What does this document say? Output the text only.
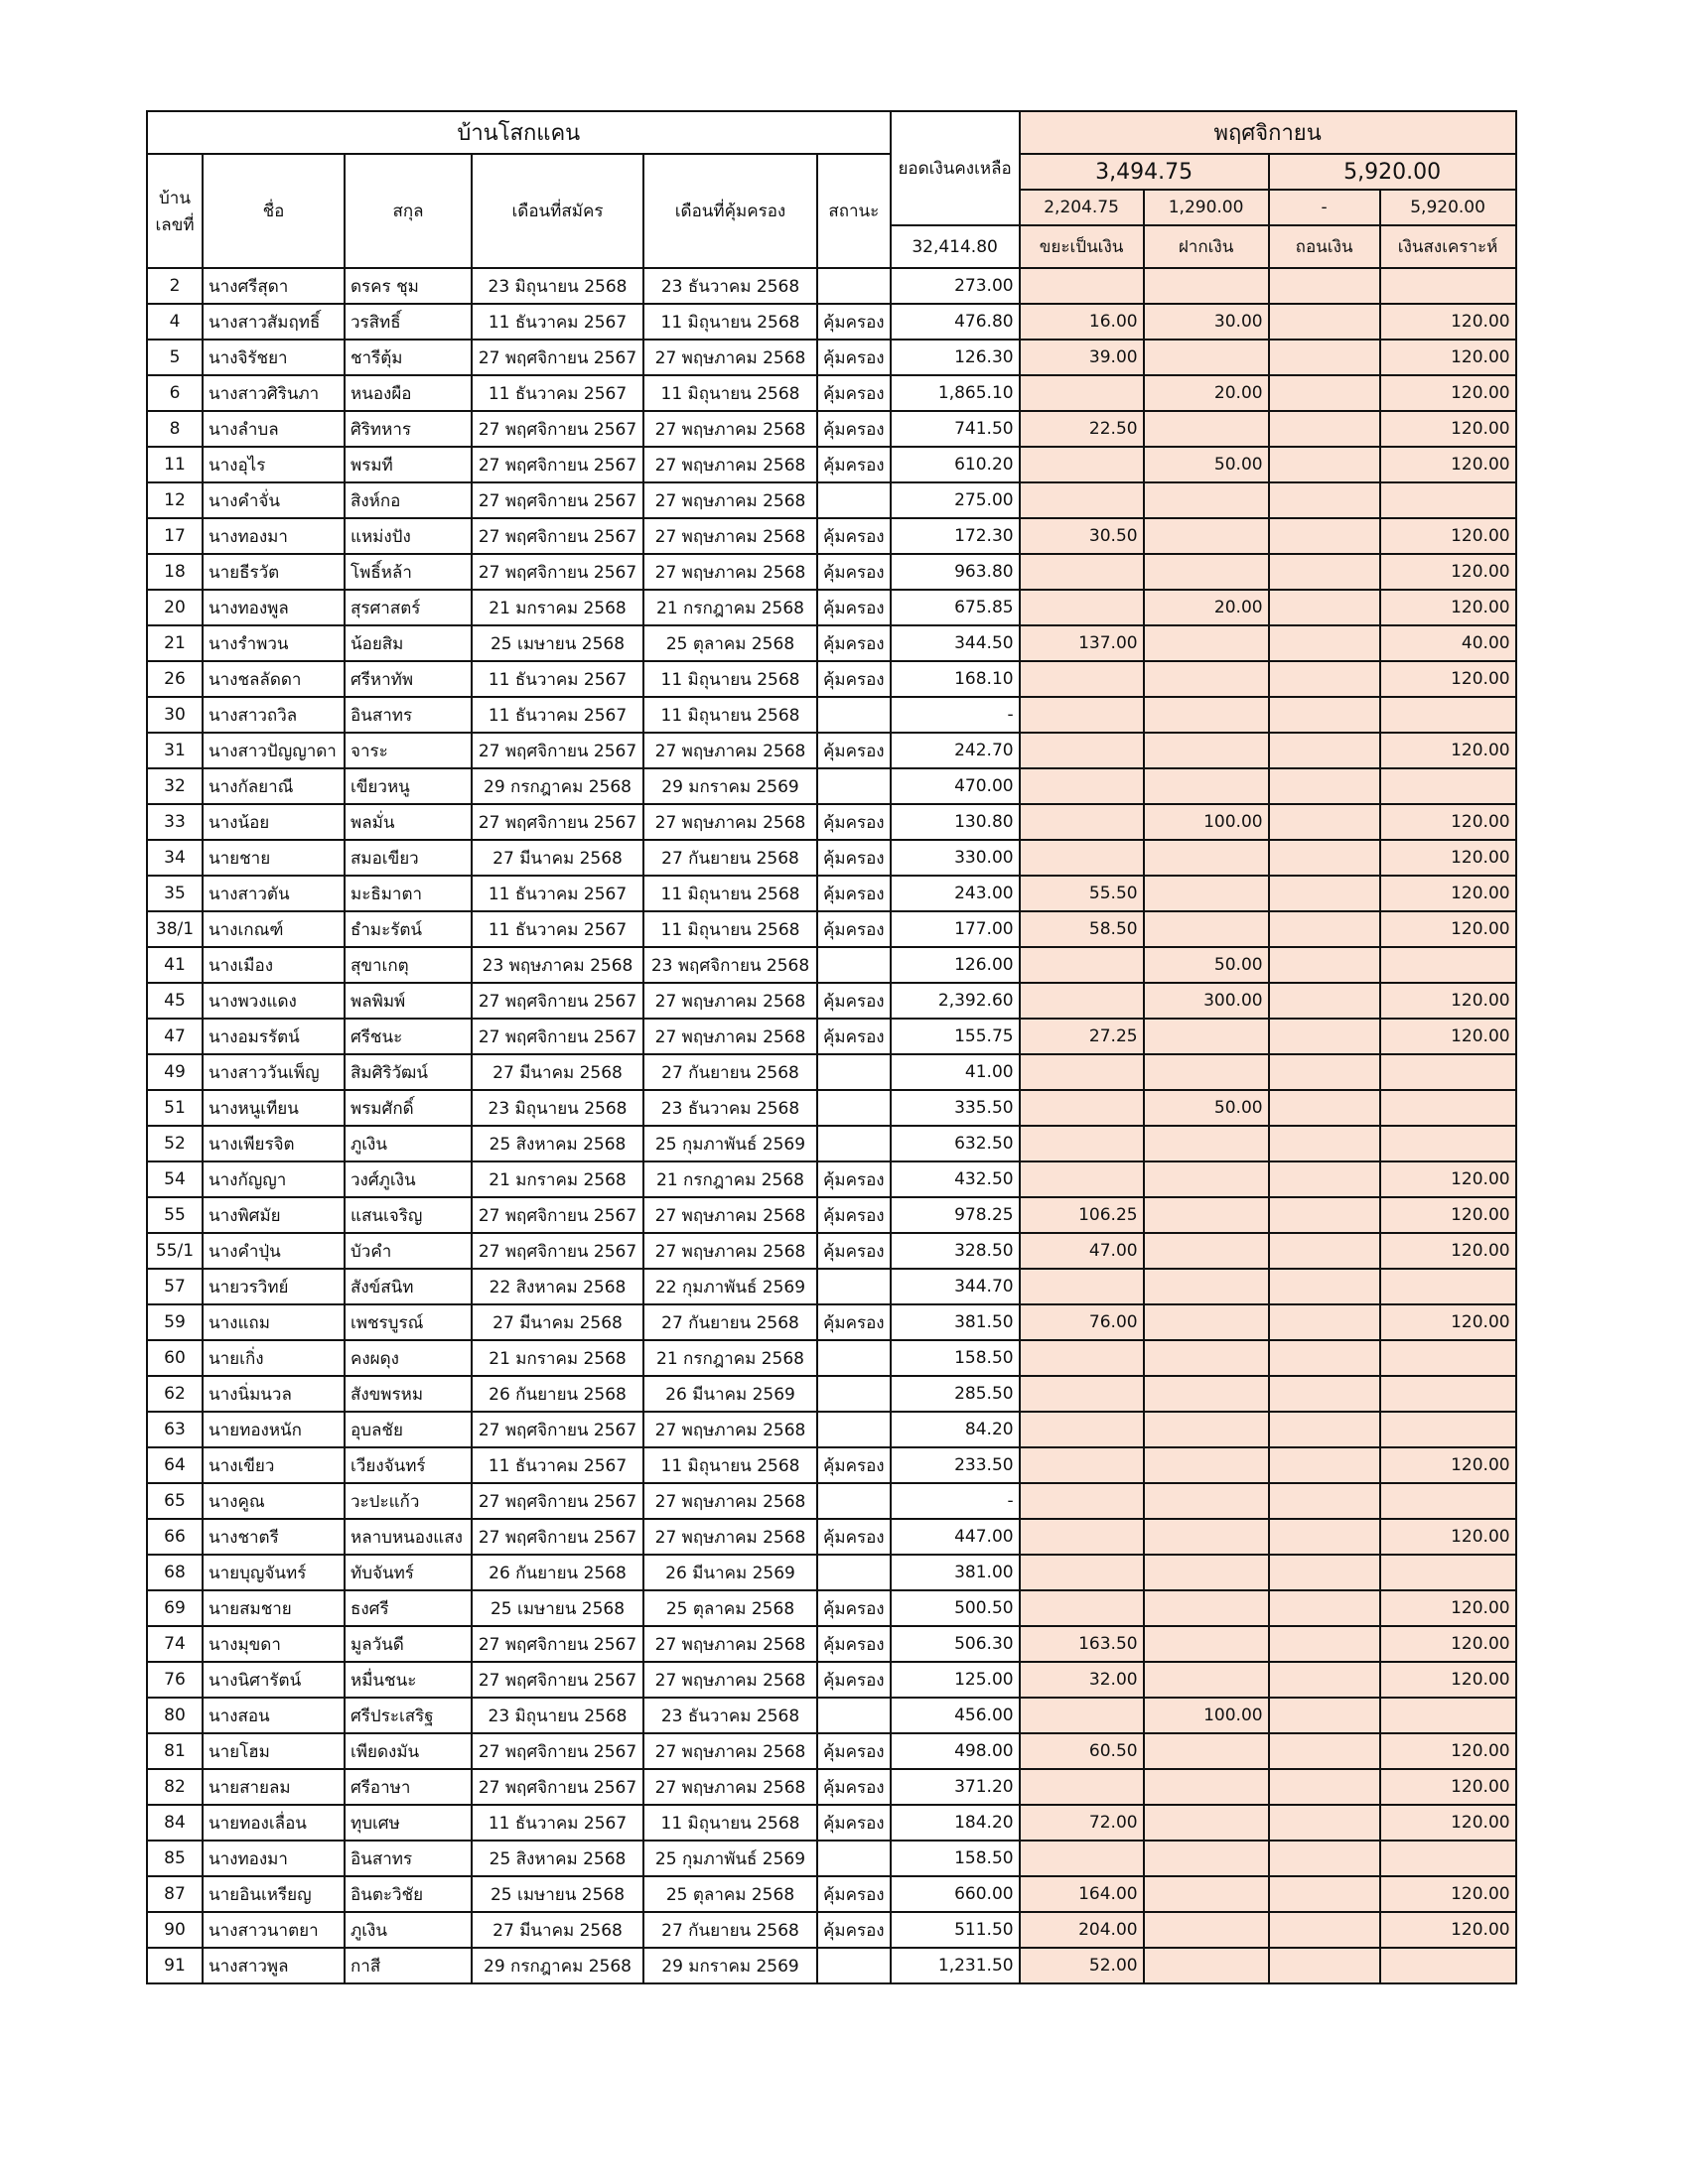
บ้านโสกแคน						ยอดเงินคงเหลือ	พฤศจิกายน			
บ้านเลขที่	ชื่อ	สกุล	เดือนที่สมัคร	เดือนที่คุ้มครอง	สถานะ		3,494.75		5,920.00	
							2,204.75	1,290.00	-	5,920.00
						32,414.80	ขยะเป็นเงิน	ฝากเงิน	ถอนเงิน	เงินสงเคราะห์
2	นางศรีสุดา	ดรคร ชุม	23 มิถุนายน 2568	23 ธันวาคม 2568		273.00				
4	นางสาวสัมฤทธิ์	วรสิทธิ์	11 ธันวาคม 2567	11 มิถุนายน 2568	คุ้มครอง	476.80	16.00	30.00		120.00
5	นางจิรัชยา	ชารีตุ้ม	27 พฤศจิกายน 2567	27 พฤษภาคม 2568	คุ้มครอง	126.30	39.00			120.00
6	นางสาวศิรินภา	หนองผือ	11 ธันวาคม 2567	11 มิถุนายน 2568	คุ้มครอง	1,865.10		20.00		120.00
8	นางลำบล	ศิริทหาร	27 พฤศจิกายน 2567	27 พฤษภาคม 2568	คุ้มครอง	741.50	22.50			120.00
11	นางอุไร	พรมที	27 พฤศจิกายน 2567	27 พฤษภาคม 2568	คุ้มครอง	610.20		50.00		120.00
12	นางคำจั่น	สิงห์กอ	27 พฤศจิกายน 2567	27 พฤษภาคม 2568		275.00				
17	นางทองมา	แหม่งปัง	27 พฤศจิกายน 2567	27 พฤษภาคม 2568	คุ้มครอง	172.30	30.50			120.00
18	นายธีรวัต	โพธิ์หล้า	27 พฤศจิกายน 2567	27 พฤษภาคม 2568	คุ้มครอง	963.80				120.00
20	นางทองพูล	สุรศาสตร์	21 มกราคม 2568	21 กรกฎาคม 2568	คุ้มครอง	675.85		20.00		120.00
21	นางรำพวน	น้อยสิม	25 เมษายน 2568	25 ตุลาคม 2568	คุ้มครอง	344.50	137.00			40.00
26	นางชลลัดดา	ศรีหาทัพ	11 ธันวาคม 2567	11 มิถุนายน 2568	คุ้มครอง	168.10				120.00
30	นางสาวถวิล	อินสาทร	11 ธันวาคม 2567	11 มิถุนายน 2568		-				
31	นางสาวปัญญาดา	จาระ	27 พฤศจิกายน 2567	27 พฤษภาคม 2568	คุ้มครอง	242.70				120.00
32	นางกัลยาณี	เขียวหนู	29 กรกฎาคม 2568	29 มกราคม 2569		470.00				
33	นางน้อย	พลมั่น	27 พฤศจิกายน 2567	27 พฤษภาคม 2568	คุ้มครอง	130.80		100.00		120.00
34	นายชาย	สมอเขียว	27 มีนาคม 2568	27 กันยายน 2568	คุ้มครอง	330.00				120.00
35	นางสาวตัน	มะธิมาตา	11 ธันวาคม 2567	11 มิถุนายน 2568	คุ้มครอง	243.00	55.50			120.00
38/1	นางเกณฑ์	ธำมะรัตน์	11 ธันวาคม 2567	11 มิถุนายน 2568	คุ้มครอง	177.00	58.50			120.00
41	นางเมือง	สุขาเกตุ	23 พฤษภาคม 2568	23 พฤศจิกายน 2568		126.00		50.00		
45	นางพวงแดง	พลพิมพ์	27 พฤศจิกายน 2567	27 พฤษภาคม 2568	คุ้มครอง	2,392.60		300.00		120.00
47	นางอมรรัตน์	ศรีชนะ	27 พฤศจิกายน 2567	27 พฤษภาคม 2568	คุ้มครอง	155.75	27.25			120.00
49	นางสาววันเพ็ญ	สิมศิริวัฒน์	27 มีนาคม 2568	27 กันยายน 2568		41.00				
51	นางหนูเทียน	พรมศักดิ์	23 มิถุนายน 2568	23 ธันวาคม 2568		335.50		50.00		
52	นางเพียรจิต	ภูเงิน	25 สิงหาคม 2568	25 กุมภาพันธ์ 2569		632.50				
54	นางกัญญา	วงศ์ภูเงิน	21 มกราคม 2568	21 กรกฎาคม 2568	คุ้มครอง	432.50				120.00
55	นางพิศมัย	แสนเจริญ	27 พฤศจิกายน 2567	27 พฤษภาคม 2568	คุ้มครอง	978.25	106.25			120.00
55/1	นางคำปุ่น	บัวคำ	27 พฤศจิกายน 2567	27 พฤษภาคม 2568	คุ้มครอง	328.50	47.00			120.00
57	นายวรวิทย์	สังข์สนิท	22 สิงหาคม 2568	22 กุมภาพันธ์ 2569		344.70				
59	นางแถม	เพชรบูรณ์	27 มีนาคม 2568	27 กันยายน 2568	คุ้มครอง	381.50	76.00			120.00
60	นายเกิ่ง	คงผดุง	21 มกราคม 2568	21 กรกฎาคม 2568		158.50				
62	นางนิ่มนวล	สังขพรหม	26 กันยายน 2568	26 มีนาคม 2569		285.50				
63	นายทองหนัก	อุบลชัย	27 พฤศจิกายน 2567	27 พฤษภาคม 2568		84.20				
64	นางเขียว	เวียงจันทร์	11 ธันวาคม 2567	11 มิถุนายน 2568	คุ้มครอง	233.50				120.00
65	นางคูณ	วะปะแก้ว	27 พฤศจิกายน 2567	27 พฤษภาคม 2568		-				
66	นางชาตรี	หลาบหนองแสง	27 พฤศจิกายน 2567	27 พฤษภาคม 2568	คุ้มครอง	447.00				120.00
68	นายบุญจันทร์	ทับจันทร์	26 กันยายน 2568	26 มีนาคม 2569		381.00				
69	นายสมชาย	ธงศรี	25 เมษายน 2568	25 ตุลาคม 2568	คุ้มครอง	500.50				120.00
74	นางมุขดา	มูลวันดี	27 พฤศจิกายน 2567	27 พฤษภาคม 2568	คุ้มครอง	506.30	163.50			120.00
76	นางนิศารัตน์	หมื่นชนะ	27 พฤศจิกายน 2567	27 พฤษภาคม 2568	คุ้มครอง	125.00	32.00			120.00
80	นางสอน	ศรีประเสริฐ	23 มิถุนายน 2568	23 ธันวาคม 2568		456.00		100.00		
81	นายโฮม	เพียดงมัน	27 พฤศจิกายน 2567	27 พฤษภาคม 2568	คุ้มครอง	498.00	60.50			120.00
82	นายสายลม	ศรีอาษา	27 พฤศจิกายน 2567	27 พฤษภาคม 2568	คุ้มครอง	371.20				120.00
84	นายทองเลื่อน	ทุบเศษ	11 ธันวาคม 2567	11 มิถุนายน 2568	คุ้มครอง	184.20	72.00			120.00
85	นางทองมา	อินสาทร	25 สิงหาคม 2568	25 กุมภาพันธ์ 2569		158.50				
87	นายอินเหรียญ	อินตะวิชัย	25 เมษายน 2568	25 ตุลาคม 2568	คุ้มครอง	660.00	164.00			120.00
90	นางสาวนาตยา	ภูเงิน	27 มีนาคม 2568	27 กันยายน 2568	คุ้มครอง	511.50	204.00			120.00
91	นางสาวพูล	กาสี	29 กรกฎาคม 2568	29 มกราคม 2569		1,231.50	52.00			
